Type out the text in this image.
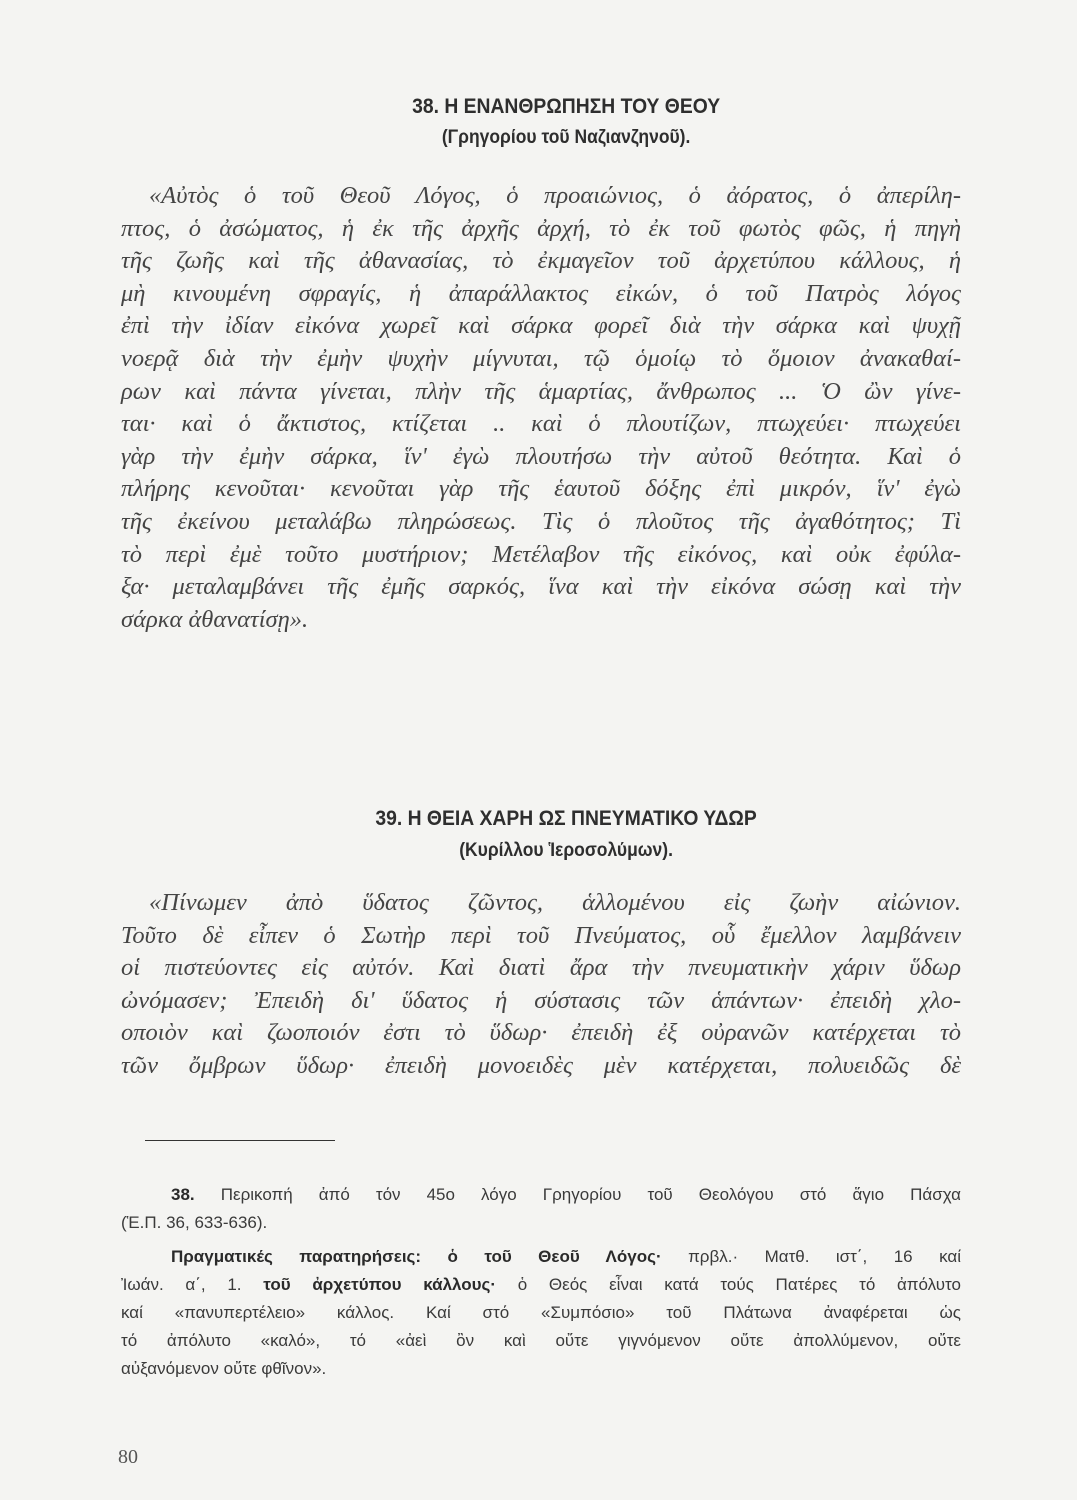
38. Η ΕΝΑΝΘΡΩΠΗΣΗ ΤΟΥ ΘΕΟΥ
(Γρηγορίου τοῦ Ναζιανζηνοῦ).
«Αὐτὸς ὁ τοῦ Θεοῦ Λόγος, ὁ προαιώνιος, ὁ ἀόρατος, ὁ ἀπερίλη-
πτος, ὁ ἀσώματος, ἡ ἐκ τῆς ἀρχῆς ἀρχή, τὸ ἐκ τοῦ φωτὸς φῶς, ἡ πηγὴ
τῆς ζωῆς καὶ τῆς ἀθανασίας, τὸ ἐκμαγεῖον τοῦ ἀρχετύπου κάλλους, ἡ
μὴ κινουμένη σφραγίς, ἡ ἀπαράλλακτος εἰκών, ὁ τοῦ Πατρὸς λόγος
ἐπὶ τὴν ἰδίαν εἰκόνα χωρεῖ καὶ σάρκα φορεῖ διὰ τὴν σάρκα καὶ ψυχῇ
νοερᾷ διὰ τὴν ἐμὴν ψυχὴν μίγνυται, τῷ ὁμοίῳ τὸ ὅμοιον ἀνακαθαί-
ρων καὶ πάντα γίνεται, πλὴν τῆς ἁμαρτίας, ἄνθρωπος ... Ὁ ὢν γίνε-
ται· καὶ ὁ ἄκτιστος, κτίζεται .. καὶ ὁ πλουτίζων, πτωχεύει· πτωχεύει
γὰρ τὴν ἐμὴν σάρκα, ἵν' ἐγὼ πλουτήσω τὴν αὐτοῦ θεότητα. Καὶ ὁ
πλήρης κενοῦται· κενοῦται γὰρ τῆς ἑαυτοῦ δόξης ἐπὶ μικρόν, ἵν' ἐγὼ
τῆς ἐκείνου μεταλάβω πληρώσεως. Τὶς ὁ πλοῦτος τῆς ἀγαθότητος; Τὶ
τὸ περὶ ἐμὲ τοῦτο μυστήριον; Μετέλαβον τῆς εἰκόνος, καὶ οὐκ ἐφύλα-
ξα· μεταλαμβάνει τῆς ἐμῆς σαρκός, ἵνα καὶ τὴν εἰκόνα σώσῃ καὶ τὴν
σάρκα ἀθανατίσῃ».
39. Η ΘΕΙΑ ΧΑΡΗ ΩΣ ΠΝΕΥΜΑΤΙΚΟ ΥΔΩΡ
(Κυρίλλου Ἱεροσολύμων).
«Πίνωμεν ἀπὸ ὕδατος ζῶντος, ἁλλομένου εἰς ζωὴν αἰώνιον.
Τοῦτο δὲ εἶπεν ὁ Σωτὴρ περὶ τοῦ Πνεύματος, οὗ ἔμελλον λαμβάνειν
οἱ πιστεύοντες εἰς αὐτόν. Καὶ διατὶ ἄρα τὴν πνευματικὴν χάριν ὕδωρ
ὠνόμασεν; Ἐπειδὴ δι' ὕδατος ἡ σύστασις τῶν ἁπάντων· ἐπειδὴ χλο-
οποιὸν καὶ ζωοποιόν ἐστι τὸ ὕδωρ· ἐπειδὴ ἐξ οὐρανῶν κατέρχεται τὸ
τῶν ὄμβρων ὕδωρ· ἐπειδὴ μονοειδὲς μὲν κατέρχεται, πολυειδῶς δὲ
38. Περικοπή ἀπό τόν 45ο λόγο Γρηγορίου τοῦ Θεολόγου στό ἅγιο Πάσχα
(Ἑ.Π. 36, 633-636).
Πραγματικές παρατηρήσεις: ὁ τοῦ Θεοῦ Λόγος· πρβλ.· Ματθ. ιστ΄, 16 καί
Ἰωάν. α΄, 1. τοῦ ἀρχετύπου κάλλους· ὁ Θεός εἶναι κατά τούς Πατέρες τό ἀπόλυτο
καί «πανυπερτέλειο» κάλλος. Καί στό «Συμπόσιο» τοῦ Πλάτωνα ἀναφέρεται ὡς
τό ἀπόλυτο «καλό», τό «ἀεὶ ὂν καὶ οὔτε γιγνόμενον οὔτε ἀπολλύμενον, οὔτε
αὐξανόμενον οὔτε φθῖνον».
80
